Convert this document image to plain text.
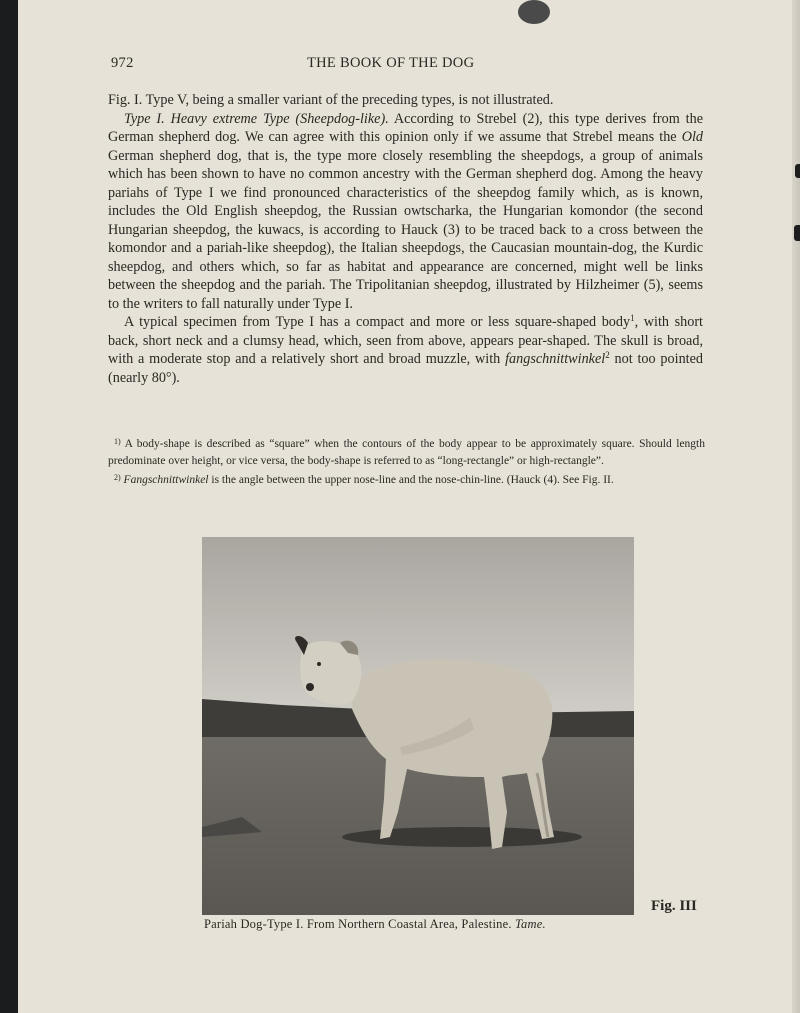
972	THE BOOK OF THE DOG

Fig. I. Type V, being a smaller variant of the preceding types, is not illustrated.

Type I. Heavy extreme Type (Sheepdog-like). According to Strebel (2), this type derives from the German shepherd dog. We can agree with this opinion only if we assume that Strebel means the Old German shepherd dog, that is, the type more closely resembling the sheepdogs, a group of animals which has been shown to have no common ancestry with the German shepherd dog. Among the heavy pariahs of Type I we find pronounced characteristics of the sheepdog family which, as is known, includes the Old English sheepdog, the Russian owtscharka, the Hungarian komondor (the second Hungarian sheepdog, the kuwacs, is according to Hauck (3) to be traced back to a cross between the komondor and a pariah-like sheepdog), the Italian sheepdogs, the Caucasian mountain-dog, the Kurdic sheepdog, and others which, so far as habitat and appearance are concerned, might well be links between the sheepdog and the pariah. The Tripolitanian sheepdog, illustrated by Hilzheimer (5), seems to the writers to fall naturally under Type I.

A typical specimen from Type I has a compact and more or less square-shaped body$^1$, with short back, short neck and a clumsy head, which, seen from above, appears pear-shaped. The skull is broad, with a moderate stop and a relatively short and broad muzzle, with fangschnittwinkel$^2$ not too pointed (nearly 80°).

$^{1)}$ A body-shape is described as “square” when the contours of the body appear to be approximately square. Should length predominate over height, or vice versa, the body-shape is referred to as “long-rectangle” or high-rectangle”.

$^{2)}$ Fangschnittwinkel is the angle between the upper nose-line and the nose-chin-line. (Hauck (4). See Fig. II.

Fig. III
Pariah Dog-Type I. From Northern Coastal Area, Palestine. Tame.
